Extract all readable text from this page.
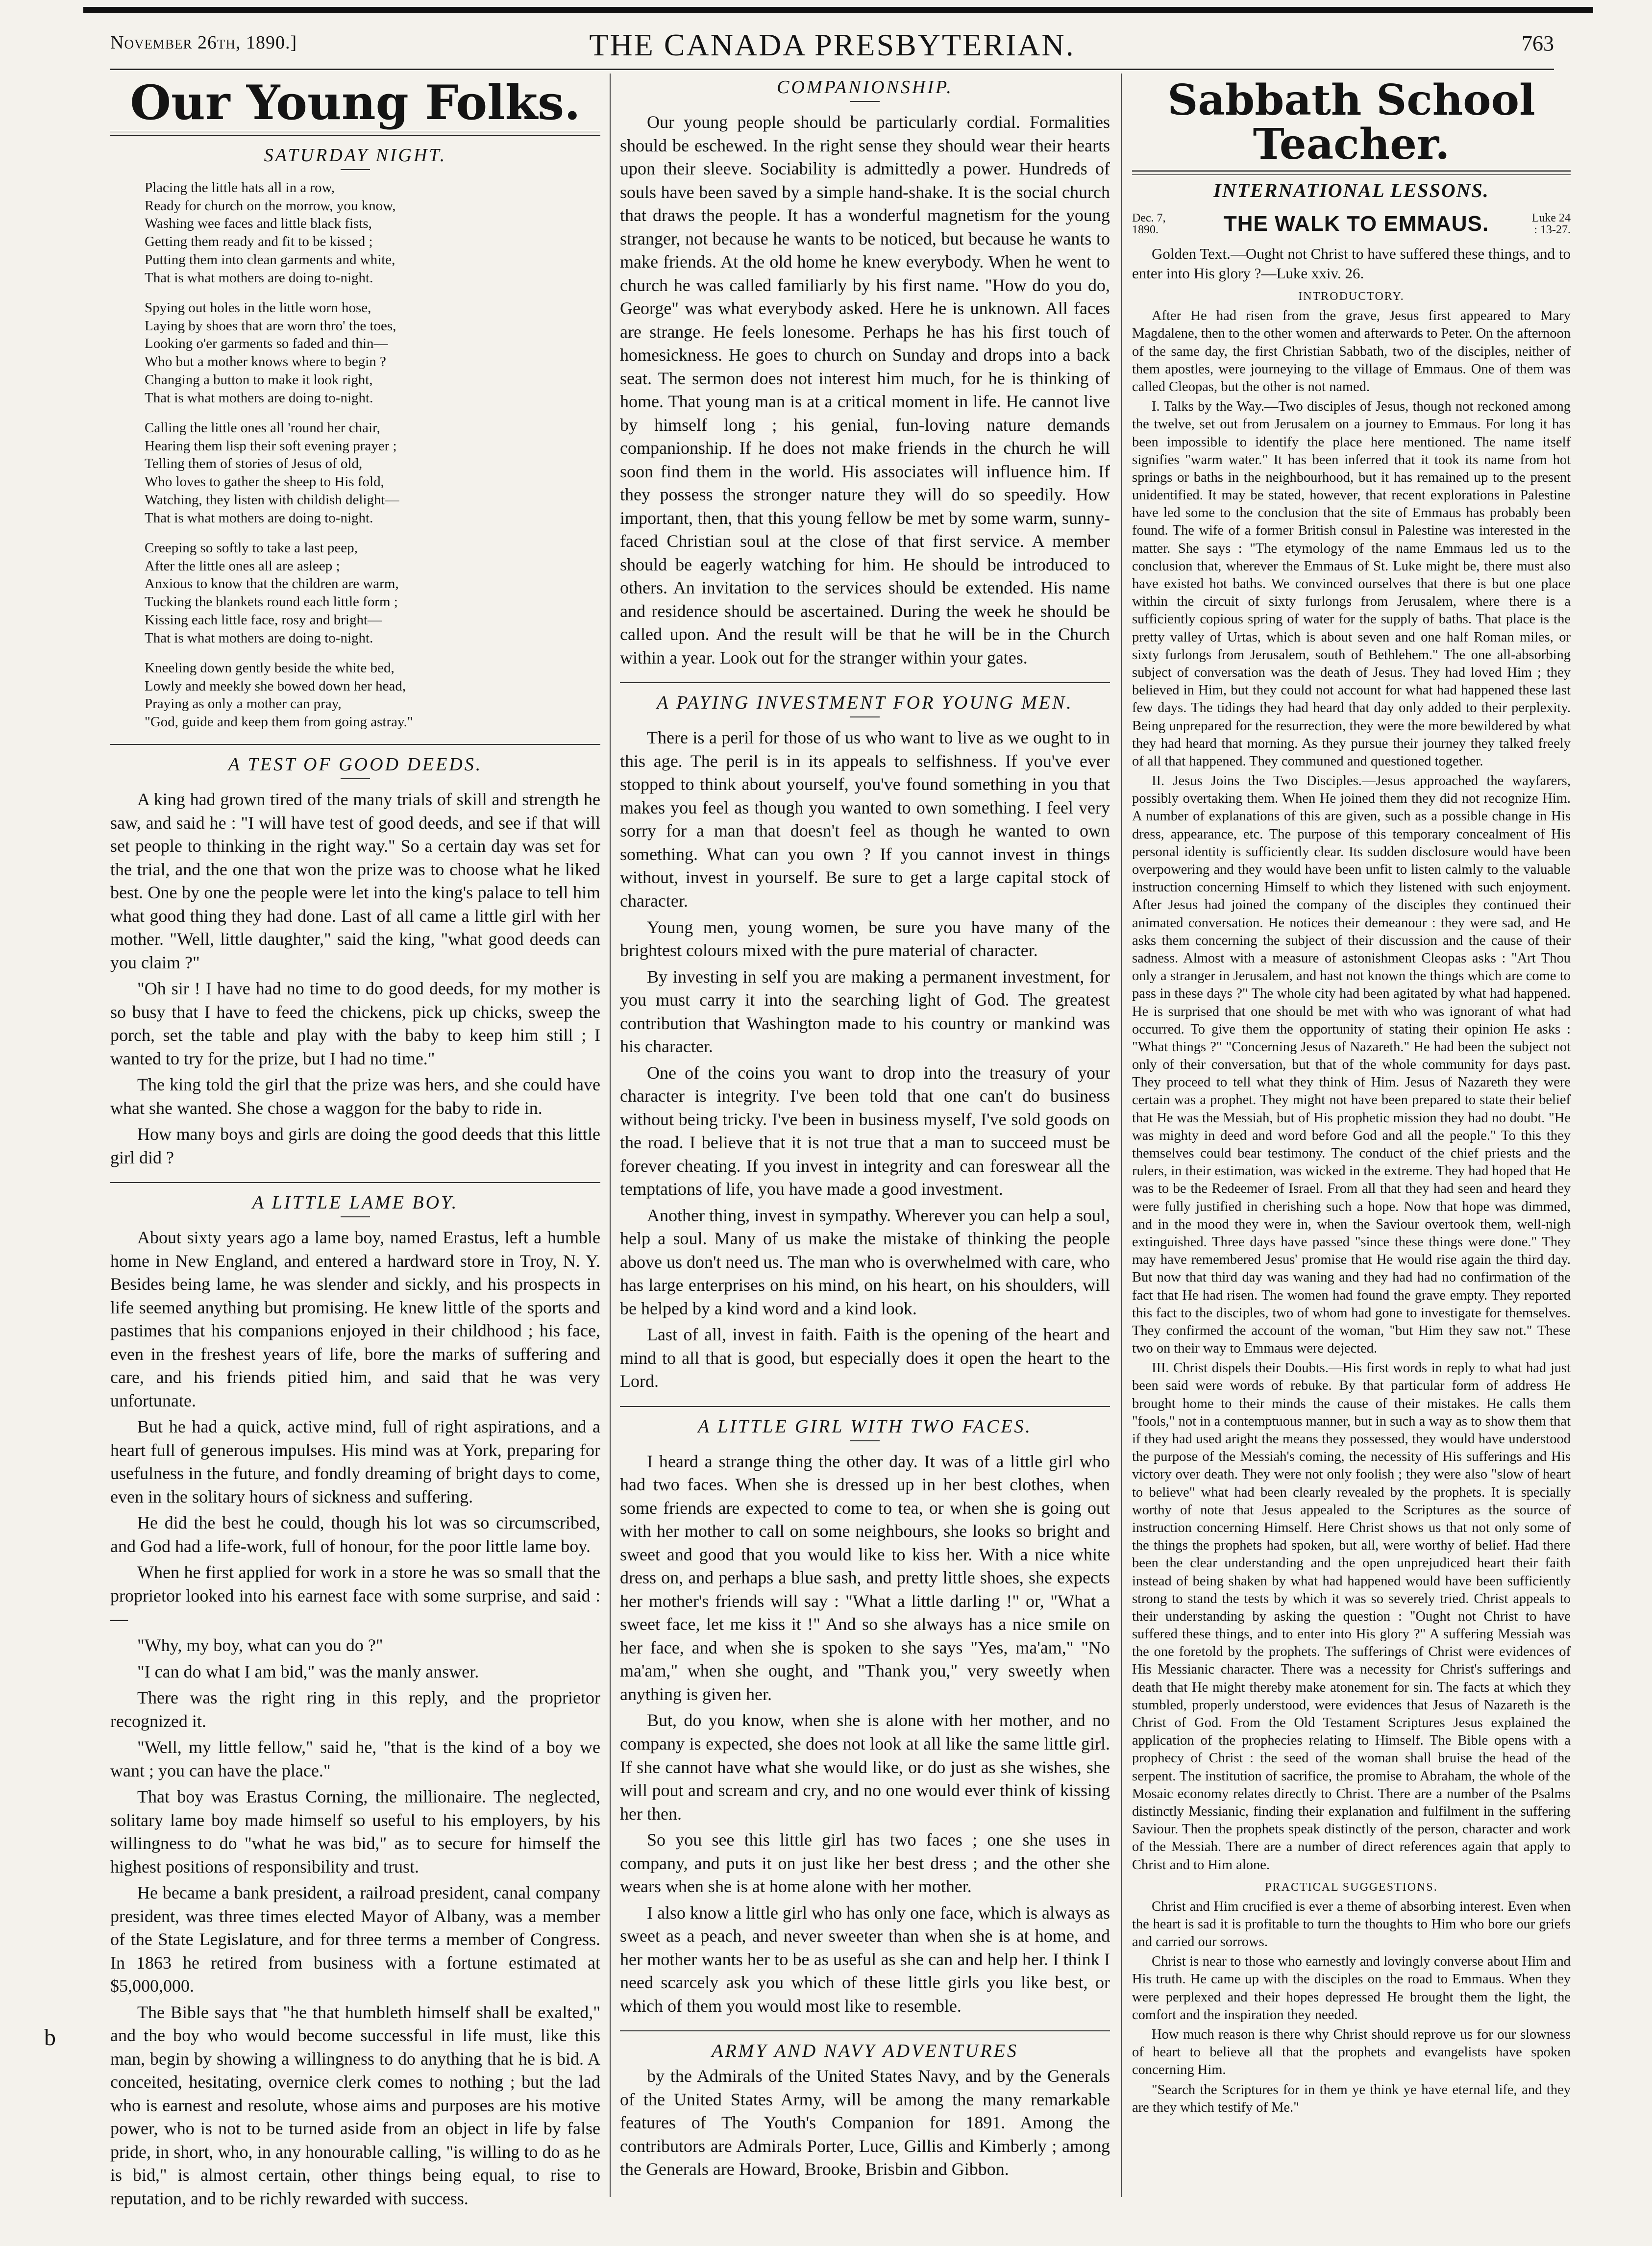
November 26th, 1890.]	THE CANADA PRESBYTERIAN.	763
Our Young Folks.
SATURDAY NIGHT.
Placing the little hats all in a row,
Ready for church on the morrow, you know,
Washing wee faces and little black fists,
Getting them ready and fit to be kissed ;
Putting them into clean garments and white,
That is what mothers are doing to-night.
Spying out holes in the little worn hose,
Laying by shoes that are worn thro' the toes,
Looking o'er garments so faded and thin—
Who but a mother knows where to begin ?
Changing a button to make it look right,
That is what mothers are doing to-night.
Calling the little ones all 'round her chair,
Hearing them lisp their soft evening prayer ;
Telling them of stories of Jesus of old,
Who loves to gather the sheep to His fold,
Watching, they listen with childish delight—
That is what mothers are doing to-night.
Creeping so softly to take a last peep,
After the little ones all are asleep ;
Anxious to know that the children are warm,
Tucking the blankets round each little form ;
Kissing each little face, rosy and bright—
That is what mothers are doing to-night.
Kneeling down gently beside the white bed,
Lowly and meekly she bowed down her head,
Praying as only a mother can pray,
"God, guide and keep them from going astray."
A TEST OF GOOD DEEDS.

A king had grown tired of the many trials of skill and strength he saw, and said he : "I will have test of good deeds, and see if that will set people to thinking in the right way." So a certain day was set for the trial, and the one that won the prize was to choose what he liked best. One by one the people were let into the king's palace to tell him what good thing they had done. Last of all came a little girl with her mother. "Well, little daughter," said the king, "what good deeds can you claim ?"

"Oh sir ! I have had no time to do good deeds, for my mother is so busy that I have to feed the chickens, pick up chicks, sweep the porch, set the table and play with the baby to keep him still ; I wanted to try for the prize, but I had no time."

The king told the girl that the prize was hers, and she could have what she wanted. She chose a waggon for the baby to ride in.

How many boys and girls are doing the good deeds that this little girl did ?

A LITTLE LAME BOY.

About sixty years ago a lame boy, named Erastus, left a humble home in New England, and entered a hardward store in Troy, N. Y. Besides being lame, he was slender and sickly, and his prospects in life seemed anything but promising. He knew little of the sports and pastimes that his companions enjoyed in their childhood ; his face, even in the freshest years of life, bore the marks of suffering and care, and his friends pitied him, and said that he was very unfortunate.

But he had a quick, active mind, full of right aspirations, and a heart full of generous impulses. His mind was at York, preparing for usefulness in the future, and fondly dreaming of bright days to come, even in the solitary hours of sickness and suffering.

He did the best he could, though his lot was so circumscribed, and God had a life-work, full of honour, for the poor little lame boy.

When he first applied for work in a store he was so small that the proprietor looked into his earnest face with some surprise, and said :—

"Why, my boy, what can you do ?"

"I can do what I am bid," was the manly answer.

There was the right ring in this reply, and the proprietor recognized it.

"Well, my little fellow," said he, "that is the kind of a boy we want ; you can have the place."

That boy was Erastus Corning, the millionaire. The neglected, solitary lame boy made himself so useful to his employers, by his willingness to do "what he was bid," as to secure for himself the highest positions of responsibility and trust.

He became a bank president, a railroad president, canal company president, was three times elected Mayor of Albany, was a member of the State Legislature, and for three terms a member of Congress. In 1863 he retired from business with a fortune estimated at $5,000,000.

The Bible says that "he that humbleth himself shall be exalted," and the boy who would become successful in life must, like this man, begin by showing a willingness to do anything that he is bid. A conceited, hesitating, overnice clerk comes to nothing ; but the lad who is earnest and resolute, whose aims and purposes are his motive power, who is not to be turned aside from an object in life by false pride, in short, who, in any honourable calling, "is willing to do as he is bid," is almost certain, other things being equal, to rise to reputation, and to be richly rewarded with success.

COMPANIONSHIP.

Our young people should be particularly cordial. Formalities should be eschewed. In the right sense they should wear their hearts upon their sleeve. Sociability is admittedly a power. Hundreds of souls have been saved by a simple hand-shake. It is the social church that draws the people. It has a wonderful magnetism for the young stranger, not because he wants to be noticed, but because he wants to make friends. At the old home he knew everybody. When he went to church he was called familiarly by his first name. "How do you do, George" was what everybody asked. Here he is unknown. All faces are strange. He feels lonesome. Perhaps he has his first touch of homesickness. He goes to church on Sunday and drops into a back seat. The sermon does not interest him much, for he is thinking of home. That young man is at a critical moment in life. He cannot live by himself long ; his genial, fun-loving nature demands companionship. If he does not make friends in the church he will soon find them in the world. His associates will influence him. If they possess the stronger nature they will do so speedily. How important, then, that this young fellow be met by some warm, sunny-faced Christian soul at the close of that first service. A member should be eagerly watching for him. He should be introduced to others. An invitation to the services should be extended. His name and residence should be ascertained. During the week he should be called upon. And the result will be that he will be in the Church within a year. Look out for the stranger within your gates.

A PAYING INVESTMENT FOR YOUNG MEN.

There is a peril for those of us who want to live as we ought to in this age. The peril is in its appeals to selfishness. If you've ever stopped to think about yourself, you've found something in you that makes you feel as though you wanted to own something. I feel very sorry for a man that doesn't feel as though he wanted to own something. What can you own ? If you cannot invest in things without, invest in yourself. Be sure to get a large capital stock of character.

Young men, young women, be sure you have many of the brightest colours mixed with the pure material of character.

By investing in self you are making a permanent investment, for you must carry it into the searching light of God. The greatest contribution that Washington made to his country or mankind was his character.

One of the coins you want to drop into the treasury of your character is integrity. I've been told that one can't do business without being tricky. I've been in business myself, I've sold goods on the road. I believe that it is not true that a man to succeed must be forever cheating. If you invest in integrity and can foreswear all the temptations of life, you have made a good investment.

Another thing, invest in sympathy. Wherever you can help a soul, help a soul. Many of us make the mistake of thinking the people above us don't need us. The man who is overwhelmed with care, who has large enterprises on his mind, on his heart, on his shoulders, will be helped by a kind word and a kind look.

Last of all, invest in faith. Faith is the opening of the heart and mind to all that is good, but especially does it open the heart to the Lord.

A LITTLE GIRL WITH TWO FACES.

I heard a strange thing the other day. It was of a little girl who had two faces. When she is dressed up in her best clothes, when some friends are expected to come to tea, or when she is going out with her mother to call on some neighbours, she looks so bright and sweet and good that you would like to kiss her. With a nice white dress on, and perhaps a blue sash, and pretty little shoes, she expects her mother's friends will say : "What a little darling !" or, "What a sweet face, let me kiss it !" And so she always has a nice smile on her face, and when she is spoken to she says "Yes, ma'am," "No ma'am," when she ought, and "Thank you," very sweetly when anything is given her.

But, do you know, when she is alone with her mother, and no company is expected, she does not look at all like the same little girl. If she cannot have what she would like, or do just as she wishes, she will pout and scream and cry, and no one would ever think of kissing her then.

So you see this little girl has two faces ; one she uses in company, and puts it on just like her best dress ; and the other she wears when she is at home alone with her mother.

I also know a little girl who has only one face, which is always as sweet as a peach, and never sweeter than when she is at home, and her mother wants her to be as useful as she can and help her. I think I need scarcely ask you which of these little girls you like best, or which of them you would most like to resemble.

ARMY AND NAVY ADVENTURES

by the Admirals of the United States Navy, and by the Generals of the United States Army, will be among the many remarkable features of The Youth's Companion for 1891. Among the contributors are Admirals Porter, Luce, Gillis and Kimberly ; among the Generals are Howard, Brooke, Brisbin and Gibbon.

Sabbath School Teacher.
INTERNATIONAL LESSONS.
Dec. 7, 1890.	THE WALK TO EMMAUS.	Luke 24 : 13-27.

Golden Text.—Ought not Christ to have suffered these things, and to enter into His glory ?—Luke xxiv. 26.

INTRODUCTORY.

After He had risen from the grave, Jesus first appeared to Mary Magdalene, then to the other women and afterwards to Peter. On the afternoon of the same day, the first Christian Sabbath, two of the disciples, neither of them apostles, were journeying to the village of Emmaus. One of them was called Cleopas, but the other is not named.

I. Talks by the Way.—Two disciples of Jesus, though not reckoned among the twelve, set out from Jerusalem on a journey to Emmaus. For long it has been impossible to identify the place here mentioned. The name itself signifies "warm water." It has been inferred that it took its name from hot springs or baths in the neighbourhood, but it has remained up to the present unidentified. It may be stated, however, that recent explorations in Palestine have led some to the conclusion that the site of Emmaus has probably been found. The wife of a former British consul in Palestine was interested in the matter. She says : "The etymology of the name Emmaus led us to the conclusion that, wherever the Emmaus of St. Luke might be, there must also have existed hot baths. We convinced ourselves that there is but one place within the circuit of sixty furlongs from Jerusalem, where there is a sufficiently copious spring of water for the supply of baths. That place is the pretty valley of Urtas, which is about seven and one half Roman miles, or sixty furlongs from Jerusalem, south of Bethlehem." The one all-absorbing subject of conversation was the death of Jesus. They had loved Him ; they believed in Him, but they could not account for what had happened these last few days. The tidings they had heard that day only added to their perplexity. Being unprepared for the resurrection, they were the more bewildered by what they had heard that morning. As they pursue their journey they talked freely of all that happened. They communed and questioned together.

II. Jesus Joins the Two Disciples.—Jesus approached the wayfarers, possibly overtaking them. When He joined them they did not recognize Him. A number of explanations of this are given, such as a possible change in His dress, appearance, etc. The purpose of this temporary concealment of His personal identity is sufficiently clear. Its sudden disclosure would have been overpowering and they would have been unfit to listen calmly to the valuable instruction concerning Himself to which they listened with such enjoyment. After Jesus had joined the company of the disciples they continued their animated conversation. He notices their demeanour : they were sad, and He asks them concerning the subject of their discussion and the cause of their sadness. Almost with a measure of astonishment Cleopas asks : "Art Thou only a stranger in Jerusalem, and hast not known the things which are come to pass in these days ?" The whole city had been agitated by what had happened. He is surprised that one should be met with who was ignorant of what had occurred. To give them the opportunity of stating their opinion He asks : "What things ?" "Concerning Jesus of Nazareth." He had been the subject not only of their conversation, but that of the whole community for days past. They proceed to tell what they think of Him. Jesus of Nazareth they were certain was a prophet. They might not have been prepared to state their belief that He was the Messiah, but of His prophetic mission they had no doubt. "He was mighty in deed and word before God and all the people." To this they themselves could bear testimony. The conduct of the chief priests and the rulers, in their estimation, was wicked in the extreme. They had hoped that He was to be the Redeemer of Israel. From all that they had seen and heard they were fully justified in cherishing such a hope. Now that hope was dimmed, and in the mood they were in, when the Saviour overtook them, well-nigh extinguished. Three days have passed "since these things were done." They may have remembered Jesus' promise that He would rise again the third day. But now that third day was waning and they had had no confirmation of the fact that He had risen. The women had found the grave empty. They reported this fact to the disciples, two of whom had gone to investigate for themselves. They confirmed the account of the woman, "but Him they saw not." These two on their way to Emmaus were dejected.

III. Christ dispels their Doubts.—His first words in reply to what had just been said were words of rebuke. By that particular form of address He brought home to their minds the cause of their mistakes. He calls them "fools," not in a contemptuous manner, but in such a way as to show them that if they had used aright the means they possessed, they would have understood the purpose of the Messiah's coming, the necessity of His sufferings and His victory over death. They were not only foolish ; they were also "slow of heart to believe" what had been clearly revealed by the prophets. It is specially worthy of note that Jesus appealed to the Scriptures as the source of instruction concerning Himself. Here Christ shows us that not only some of the things the prophets had spoken, but all, were worthy of belief. Had there been the clear understanding and the open unprejudiced heart their faith instead of being shaken by what had happened would have been sufficiently strong to stand the tests by which it was so severely tried. Christ appeals to their understanding by asking the question : "Ought not Christ to have suffered these things, and to enter into His glory ?" A suffering Messiah was the one foretold by the prophets. The sufferings of Christ were evidences of His Messianic character. There was a necessity for Christ's sufferings and death that He might thereby make atonement for sin. The facts at which they stumbled, properly understood, were evidences that Jesus of Nazareth is the Christ of God. From the Old Testament Scriptures Jesus explained the application of the prophecies relating to Himself. The Bible opens with a prophecy of Christ : the seed of the woman shall bruise the head of the serpent. The institution of sacrifice, the promise to Abraham, the whole of the Mosaic economy relates directly to Christ. There are a number of the Psalms distinctly Messianic, finding their explanation and fulfilment in the suffering Saviour. Then the prophets speak distinctly of the person, character and work of the Messiah. There are a number of direct references again that apply to Christ and to Him alone.

PRACTICAL SUGGESTIONS.

Christ and Him crucified is ever a theme of absorbing interest. Even when the heart is sad it is profitable to turn the thoughts to Him who bore our griefs and carried our sorrows.

Christ is near to those who earnestly and lovingly converse about Him and His truth. He came up with the disciples on the road to Emmaus. When they were perplexed and their hopes depressed He brought them the light, the comfort and the inspiration they needed.

How much reason is there why Christ should reprove us for our slowness of heart to believe all that the prophets and evangelists have spoken concerning Him.

"Search the Scriptures for in them ye think ye have eternal life, and they are they which testify of Me."

b
